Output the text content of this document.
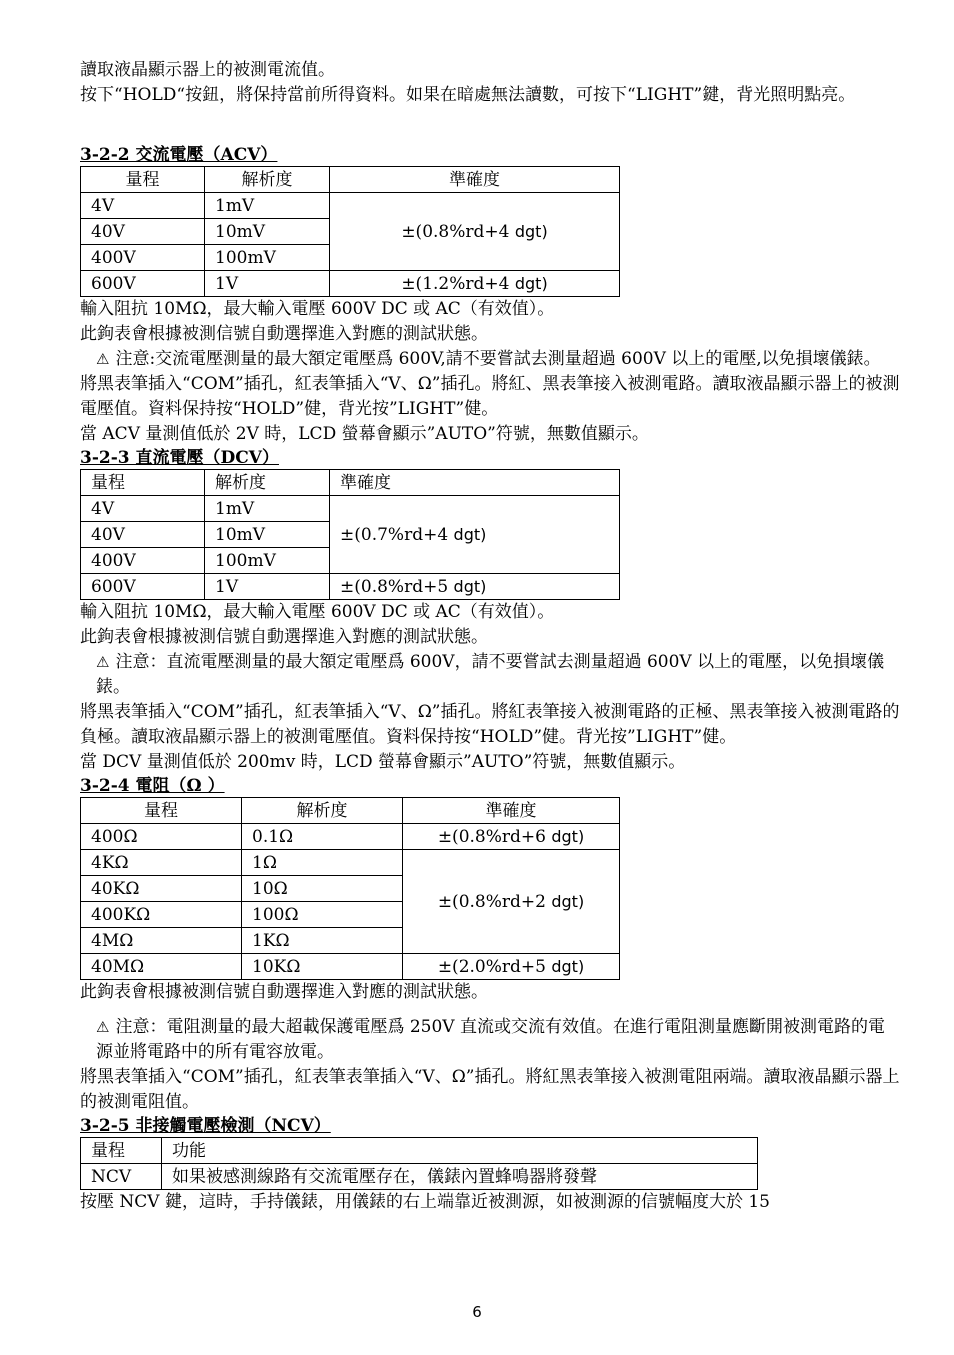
讀取液晶顯示器上的被測電流值。

按下“HOLD“按鈕，將保持當前所得資料。如果在暗處無法讀數，可按下“LIGHT”鍵，背光照明點亮。

3-2-2 交流電壓（ACV）
量程	解析度	準確度
4V	1mV	±(0.8%rd+4 dgt)
40V	10mV	
400V	100mV	
600V	1V	±(1.2%rd+4 dgt)

輸入阻抗 10MΩ，最大輸入電壓 600V DC 或 AC（有效值）。

此鉤表會根據被測信號自動選擇進入對應的測試狀態。

⚠ 注意:交流電壓測量的最大額定電壓爲 600V,請不要嘗試去測量超過 600V 以上的電壓,以免損壞儀錶。

將黑表筆插入“COM”插孔，紅表筆插入“V、Ω”插孔。將紅、黑表筆接入被測電路。讀取液晶顯示器上的被測電壓值。資料保持按“HOLD”健，背光按”LIGHT”健。

當 ACV 量測值低於 2V 時，LCD 螢幕會顯示”AUTO”符號，無數值顯示。

3-2-3 直流電壓（DCV）
量程	解析度	準確度
4V	1mV	±(0.7%rd+4 dgt)
40V	10mV	
400V	100mV	
600V	1V	±(0.8%rd+5 dgt)

輸入阻抗 10MΩ，最大輸入電壓 600V DC 或 AC（有效值）。

此鉤表會根據被測信號自動選擇進入對應的測試狀態。

⚠ 注意：直流電壓測量的最大額定電壓爲 600V，請不要嘗試去測量超過 600V 以上的電壓，以免損壞儀錶。

將黑表筆插入“COM”插孔，紅表筆插入“V、Ω”插孔。將紅表筆接入被測電路的正極、黑表筆接入被測電路的負極。讀取液晶顯示器上的被測電壓值。資料保持按“HOLD”健。背光按”LIGHT”健。

當 DCV 量測值低於 200mv 時，LCD 螢幕會顯示”AUTO”符號，無數值顯示。

3-2-4 電阻（Ω ）
量程	解析度	準確度
400Ω	0.1Ω	±(0.8%rd+6 dgt)
4KΩ	1Ω	±(0.8%rd+2 dgt)
40KΩ	10Ω	
400KΩ	100Ω	
4MΩ	1KΩ	
40MΩ	10KΩ	±(2.0%rd+5 dgt)

此鉤表會根據被測信號自動選擇進入對應的測試狀態。

⚠ 注意：電阻測量的最大超載保護電壓爲 250V 直流或交流有效值。在進行電阻測量應斷開被測電路的電源並將電路中的所有電容放電。

將黑表筆插入“COM”插孔，紅表筆表筆插入“V、Ω”插孔。將紅黑表筆接入被測電阻兩端。讀取液晶顯示器上的被測電阻值。

3-2-5 非接觸電壓檢測（NCV）
量程	功能
NCV	如果被感測線路有交流電壓存在，儀錶內置蜂鳴器將發聲

按壓 NCV 鍵，這時，手持儀錶，用儀錶的右上端靠近被測源，如被測源的信號幅度大於 15

6
